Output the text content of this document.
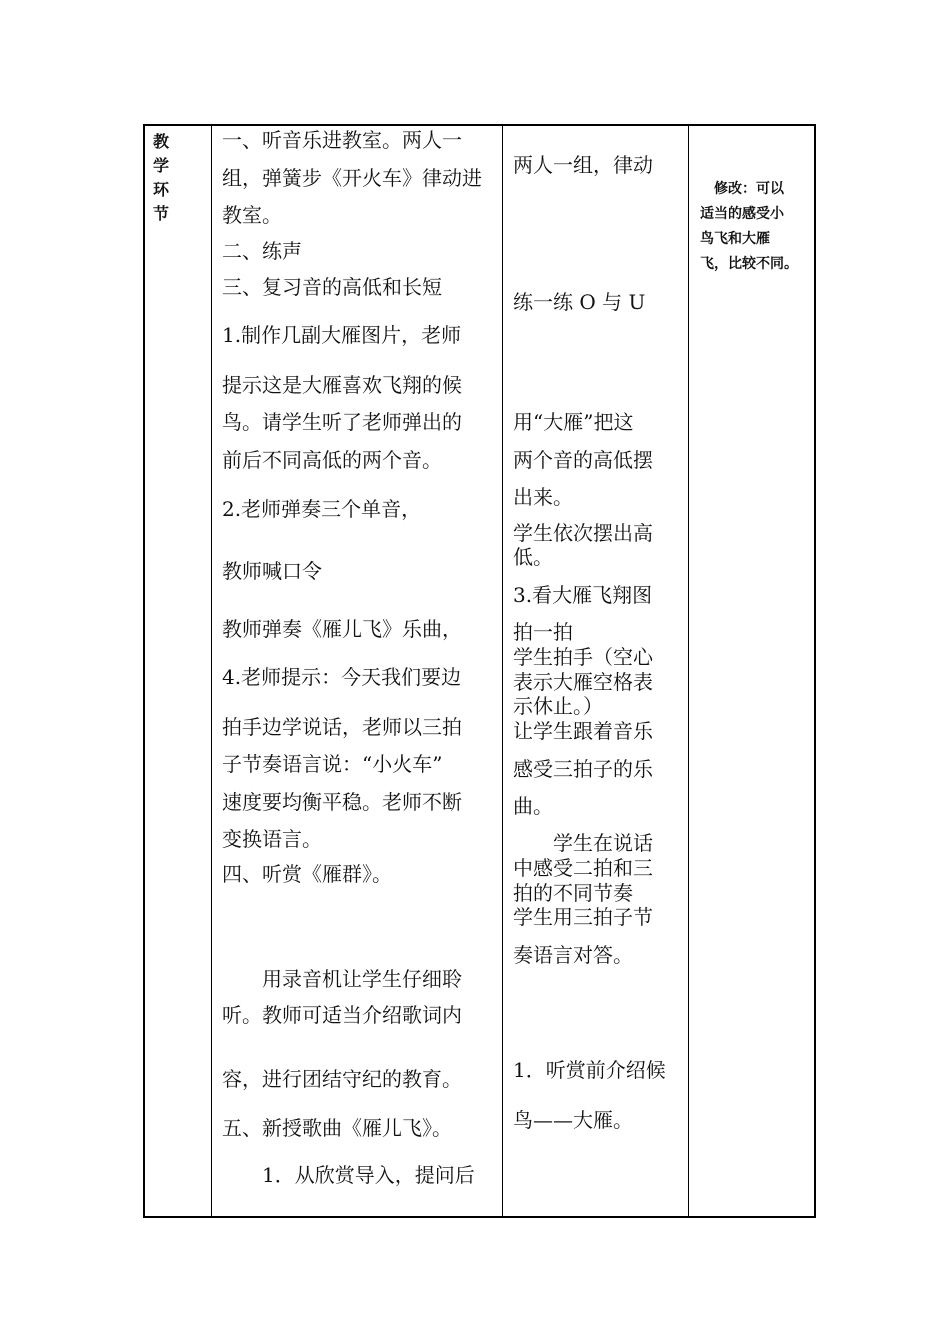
教
学
环
节
一、听音乐进教室。两人一
组，弹簧步《开火车》律动进
教室。
二、练声
三、复习音的高低和长短
1.制作几副大雁图片，老师
提示这是大雁喜欢飞翔的候
鸟。请学生听了老师弹出的
前后不同高低的两个音。
2.老师弹奏三个单音，
教师喊口令
教师弹奏《雁儿飞》乐曲，
4.老师提示：今天我们要边
拍手边学说话，老师以三拍
子节奏语言说：“小火车”
速度要均衡平稳。老师不断
变换语言。
四、听赏《雁群》。
　　用录音机让学生仔细聆
听。教师可适当介绍歌词内
容，进行团结守纪的教育。
五、新授歌曲《雁儿飞》。
　　1．从欣赏导入，提问后
两人一组，律动
练一练 O 与 U
用“大雁”把这
两个音的高低摆
出来。
学生依次摆出高
低。
3.看大雁飞翔图
拍一拍
学生拍手（空心
表示大雁空格表
示休止。）
让学生跟着音乐
感受三拍子的乐
曲。
　　学生在说话
中感受二拍和三
拍的不同节奏
学生用三拍子节
奏语言对答。
1．听赏前介绍候
鸟——大雁。
　修改：可以
适当的感受小
鸟飞和大雁
飞，比较不同。
